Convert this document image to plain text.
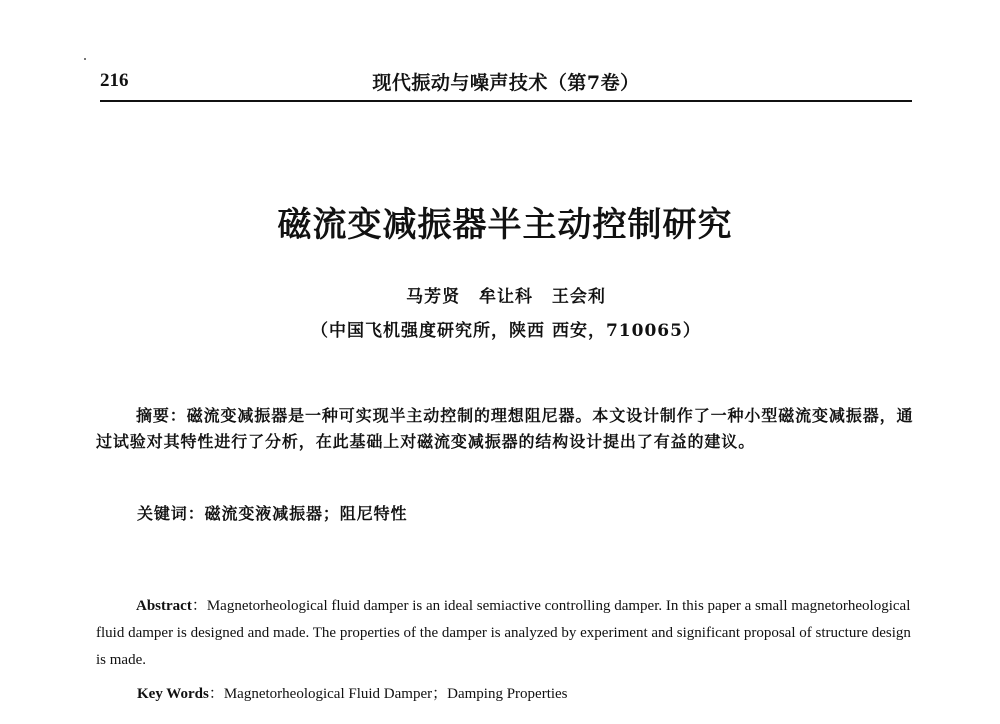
216	现代振动与噪声技术（第7卷）
磁流变减振器半主动控制研究
马芳贤 牟让科 王会利
（中国飞机强度研究所，陕西 西安，710065）

摘要：磁流变减振器是一种可实现半主动控制的理想阻尼器。本文设计制作了一种小型磁流变减振器，通过试验对其特性进行了分析，在此基础上对磁流变减振器的结构设计提出了有益的建议。

关键词：磁流变液减振器；阻尼特性

Abstract：Magnetorheological fluid damper is an ideal semiactive controlling damper. In this paper a small magnetorheological fluid damper is designed and made. The properties of the damper is analyzed by experiment and significant proposal of structure design is made.

Key Words：Magnetorheological Fluid Damper；Damping Properties
